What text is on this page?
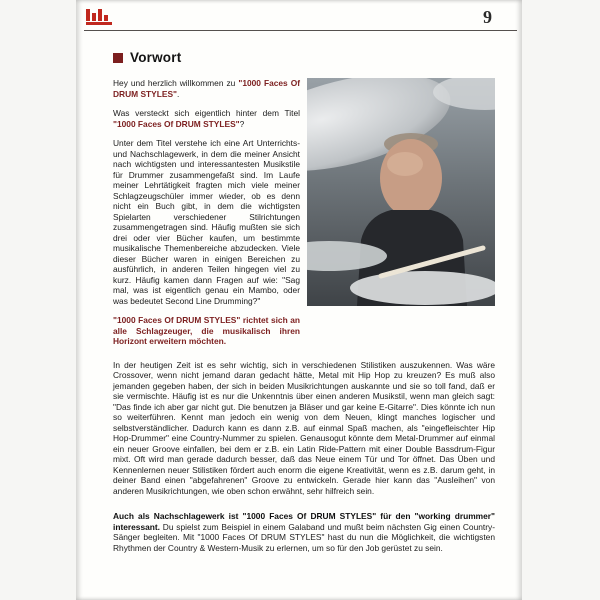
9
Vorwort

Hey und herzlich willkommen zu "1000 Faces Of DRUM STYLES".

Was versteckt sich eigentlich hinter dem Titel "1000 Faces Of DRUM STYLES"?

Unter dem Titel verstehe ich eine Art Unterrichts- und Nachschlagewerk, in dem die meiner Ansicht nach wichtigsten und interessantesten Musikstile für Drummer zusammengefaßt sind. Im Laufe meiner Lehrtätigkeit fragten mich viele meiner Schlagzeugschüler immer wieder, ob es denn nicht ein Buch gibt, in dem die wichtigsten Spielarten verschiedener Stilrichtungen zusammengetragen sind. Häufig mußten sie sich drei oder vier Bücher kaufen, um bestimmte musikalische Themenbereiche abzudecken. Viele dieser Bücher waren in einigen Bereichen zu ausführlich, in anderen Teilen hingegen viel zu kurz. Häufig kamen dann Fragen auf wie: "Sag mal, was ist eigentlich genau ein Mambo, oder was bedeutet Second Line Drumming?"

"1000 Faces Of DRUM STYLES" richtet sich an alle Schlagzeuger, die musikalisch ihren Horizont erweitern möchten.

In der heutigen Zeit ist es sehr wichtig, sich in verschiedenen Stilistiken auszukennen. Was wäre Crossover, wenn nicht jemand daran gedacht hätte, Metal mit Hip Hop zu kreuzen? Es muß also jemanden gegeben haben, der sich in beiden Musikrichtungen auskannte und sie so toll fand, daß er sie vermischte. Häufig ist es nur die Unkenntnis über einen anderen Musikstil, wenn man gleich sagt: "Das finde ich aber gar nicht gut. Die benutzen ja Bläser und gar keine E-Gitarre". Dies könnte ich nun so weiterführen. Kennt man jedoch ein wenig von dem Neuen, klingt manches logischer und selbstverständlicher. Dadurch kann es dann z.B. auf einmal Spaß machen, als "eingefleischter Hip Hop-Drummer" eine Country-Nummer zu spielen. Genausogut könnte dem Metal-Drummer auf einmal ein neuer Groove einfallen, bei dem er z.B. ein Latin Ride-Pattern mit einer Double Bassdrum-Figur mixt. Oft wird man gerade dadurch besser, daß das Neue einem Tür und Tor öffnet. Das Üben und Kennenlernen neuer Stilistiken fördert auch enorm die eigene Kreativität, wenn es z.B. darum geht, in deiner Band einen "abgefahrenen" Groove zu entwickeln. Gerade hier kann das "Ausleihen" von anderen Musikrichtungen, wie oben schon erwähnt, sehr hilfreich sein.

Auch als Nachschlagewerk ist "1000 Faces Of DRUM STYLES" für den "working drummer" interessant. Du spielst zum Beispiel in einem Galaband und mußt beim nächsten Gig einen Country-Sänger begleiten. Mit "1000 Faces Of DRUM STYLES" hast du nun die Möglichkeit, die wichtigsten Rhythmen der Country & Western-Musik zu erlernen, um so für den Job gerüstet zu sein.
